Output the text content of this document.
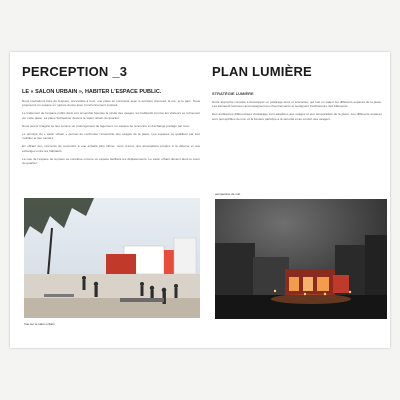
PERCEPTION _3
LE « SALON URBAIN », HABITER L'ESPACE PUBLIC.
Nous souhaitons faire de l'espace, accessible à tous, une place en continuité avec le territoire d'accueil, la rue, et le parc. Nous proposons un espace en rupture douce avec l'environnement existant.
Le traitement de l'espace public dans son ensemble favorise la mixité des usages, les habitants comme les visiteurs se retrouvent sur cette place. La place Schweitzer devient le salon urbain du quartier.
Nous avons imaginé ce lieu comme un prolongement du logement, un espace de rencontre et d'échange partagé par tous.
Le principe du « salon urbain » permet de confronter l'ensemble des usages de la place. Les espaces se qualifient par leur mobilier et leur lumière.
En offrant des moments de rencontre à une échelle plus intime, nous créons une atmosphère propice à la détente et aux échanges entre les habitants.
La voie de l'espace de la place se constitue comme un espace facilitant les déplacements. Le salon urbain devient alors le cœur du quartier.
PLAN LUMIÈRE
STRATÉGIE LUMIÈRE
Notre approche consiste à développer un éclairage doux et scénarisé, qui met en valeur les différents espaces de la place. Les éléments lumineux accompagnent les cheminements et soulignent l'architecture des bâtiments.
Des ambiances différenciées d'éclairage sont adaptées aux usages et aux temporalités de la place. Les différents espaces sont perceptibles de nuit, et la lumière participe à la sécurité et au confort des usagers.
Vue sur le salon urbain
perspective de nuit
